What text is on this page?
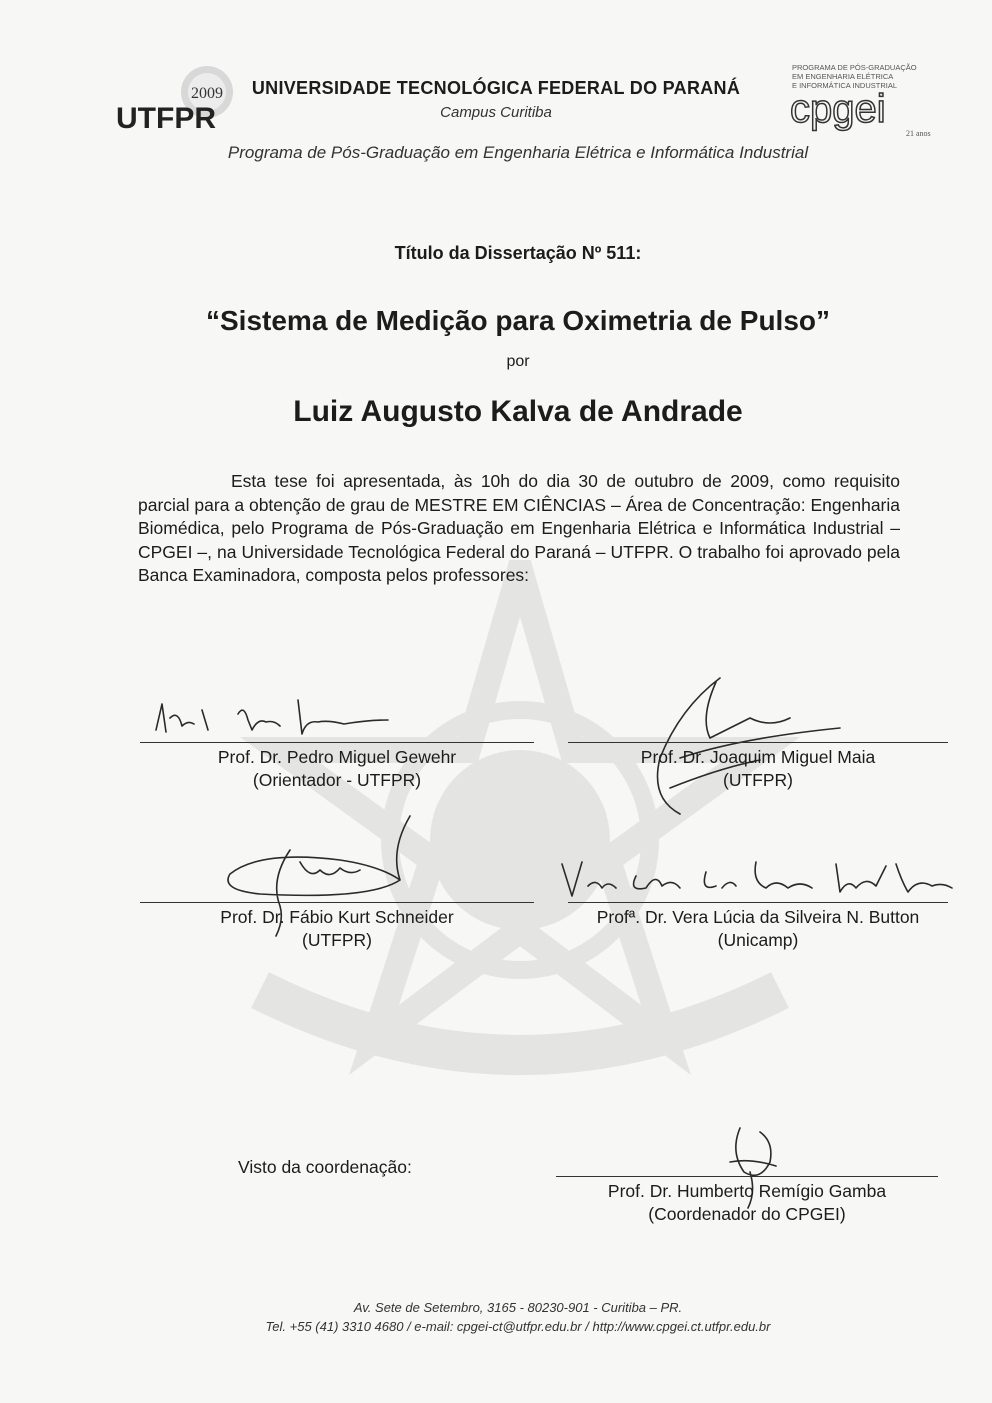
2009
UTFPR
PROGRAMA DE PÓS-GRADUAÇÃO
EM ENGENHARIA ELÉTRICA
E INFORMÁTICA INDUSTRIAL
cpgei
21 anos
UNIVERSIDADE TECNOLÓGICA FEDERAL DO PARANÁ
Campus Curitiba
Programa de Pós-Graduação em Engenharia Elétrica e Informática Industrial
Título da Dissertação Nº 511:
“Sistema de Medição para Oximetria de Pulso”
por
Luiz Augusto Kalva de Andrade
Esta tese foi apresentada, às 10h do dia 30 de outubro de 2009, como requisito parcial para a obtenção de grau de MESTRE EM CIÊNCIAS – Área de Concentração: Engenharia Biomédica, pelo Programa de Pós-Graduação em Engenharia Elétrica e Informática Industrial – CPGEI –, na Universidade Tecnológica Federal do Paraná – UTFPR. O trabalho foi aprovado pela Banca Examinadora, composta pelos professores:
Prof. Dr. Pedro Miguel Gewehr
(Orientador - UTFPR)
Prof. Dr. Joaquim Miguel Maia
(UTFPR)
Prof. Dr. Fábio Kurt Schneider
(UTFPR)
Profª. Dr. Vera Lúcia da Silveira N. Button
(Unicamp)
Visto da coordenação:
Prof. Dr. Humberto Remígio Gamba
(Coordenador do CPGEI)
Av. Sete de Setembro, 3165 - 80230-901 - Curitiba – PR.
Tel. +55 (41) 3310 4680 / e-mail: cpgei-ct@utfpr.edu.br / http://www.cpgei.ct.utfpr.edu.br
